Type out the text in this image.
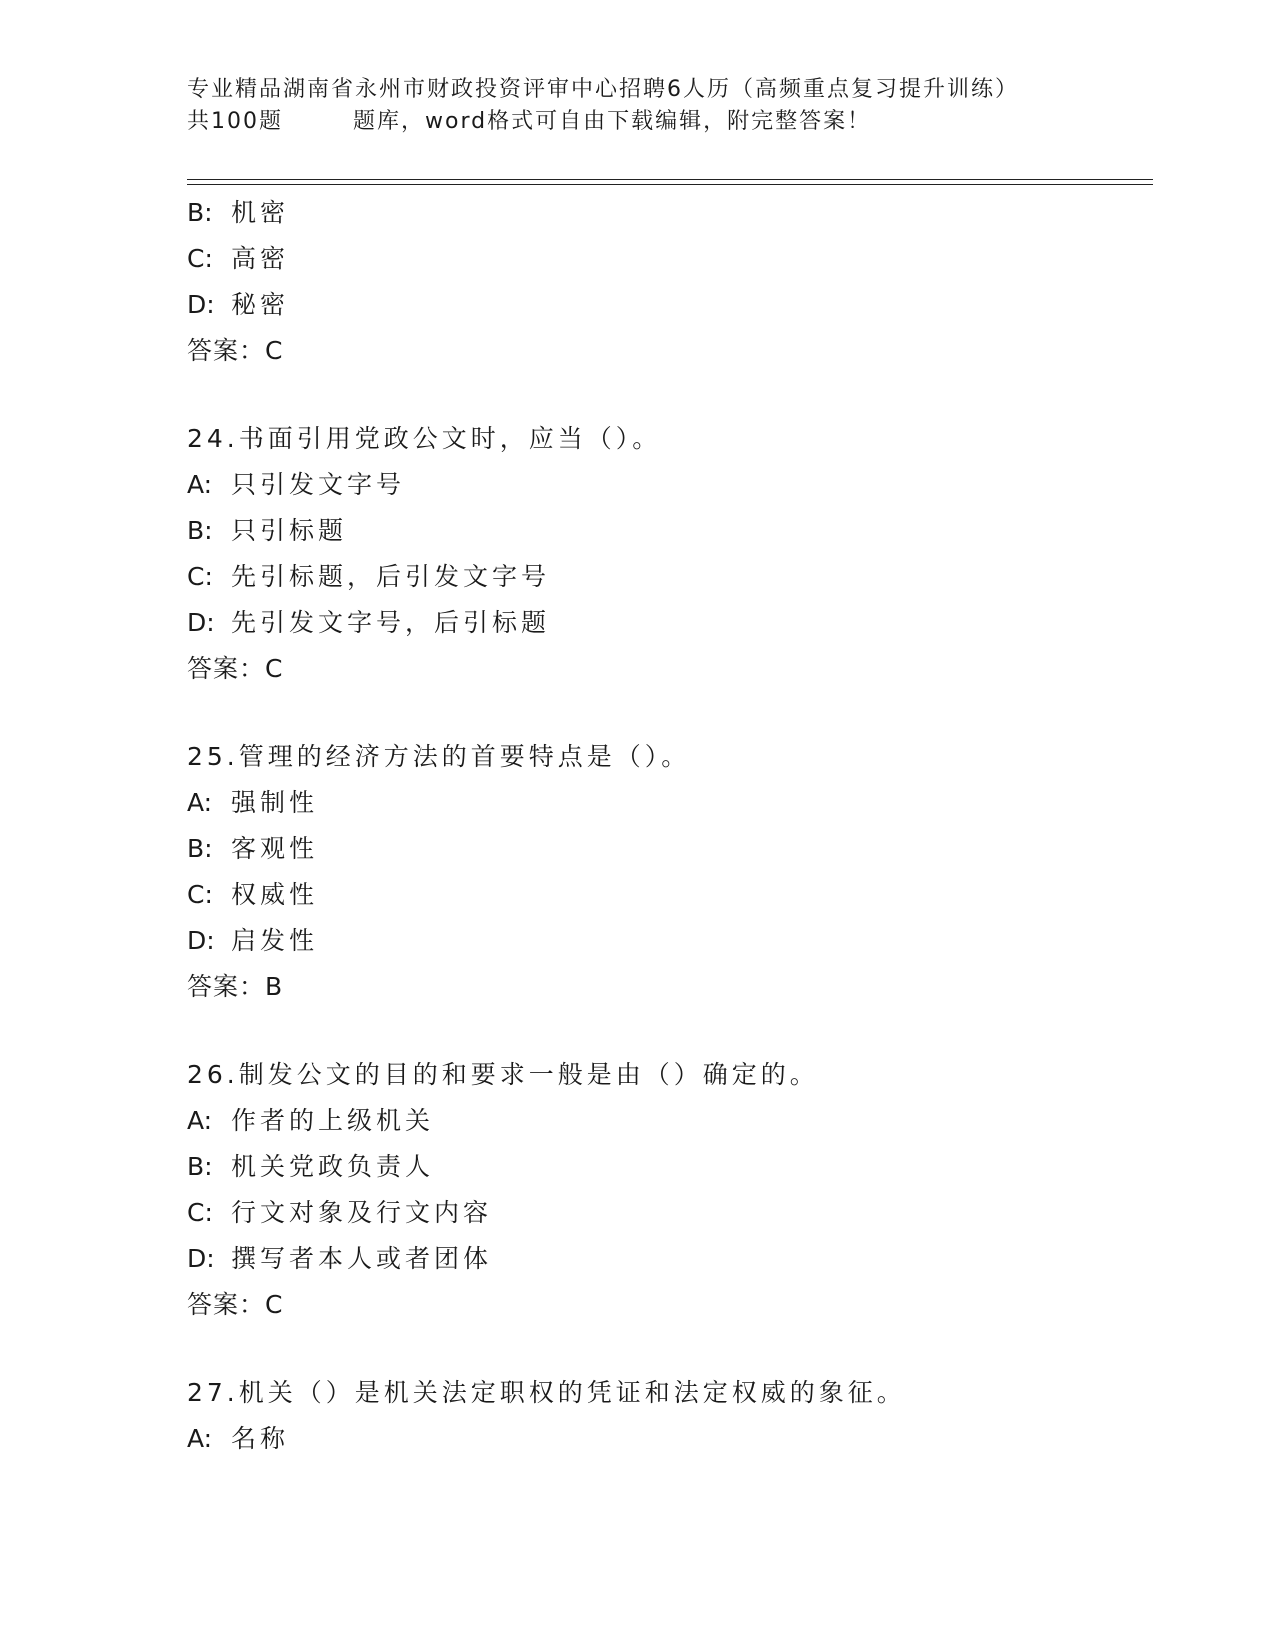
专业精品湖南省永州市财政投资评审中心招聘6人历（高频重点复习提升训练）
共100题	题库，word格式可自由下载编辑，附完整答案！
B: 机密
C: 高密
D: 秘密
答案：C
24.书面引用党政公文时，应当（）。
A: 只引发文字号
B: 只引标题
C: 先引标题，后引发文字号
D: 先引发文字号，后引标题
答案：C
25.管理的经济方法的首要特点是（）。
A: 强制性
B: 客观性
C: 权威性
D: 启发性
答案：B
26.制发公文的目的和要求一般是由（）确定的。
A: 作者的上级机关
B: 机关党政负责人
C: 行文对象及行文内容
D: 撰写者本人或者团体
答案：C
27.机关（）是机关法定职权的凭证和法定权威的象征。
A: 名称
